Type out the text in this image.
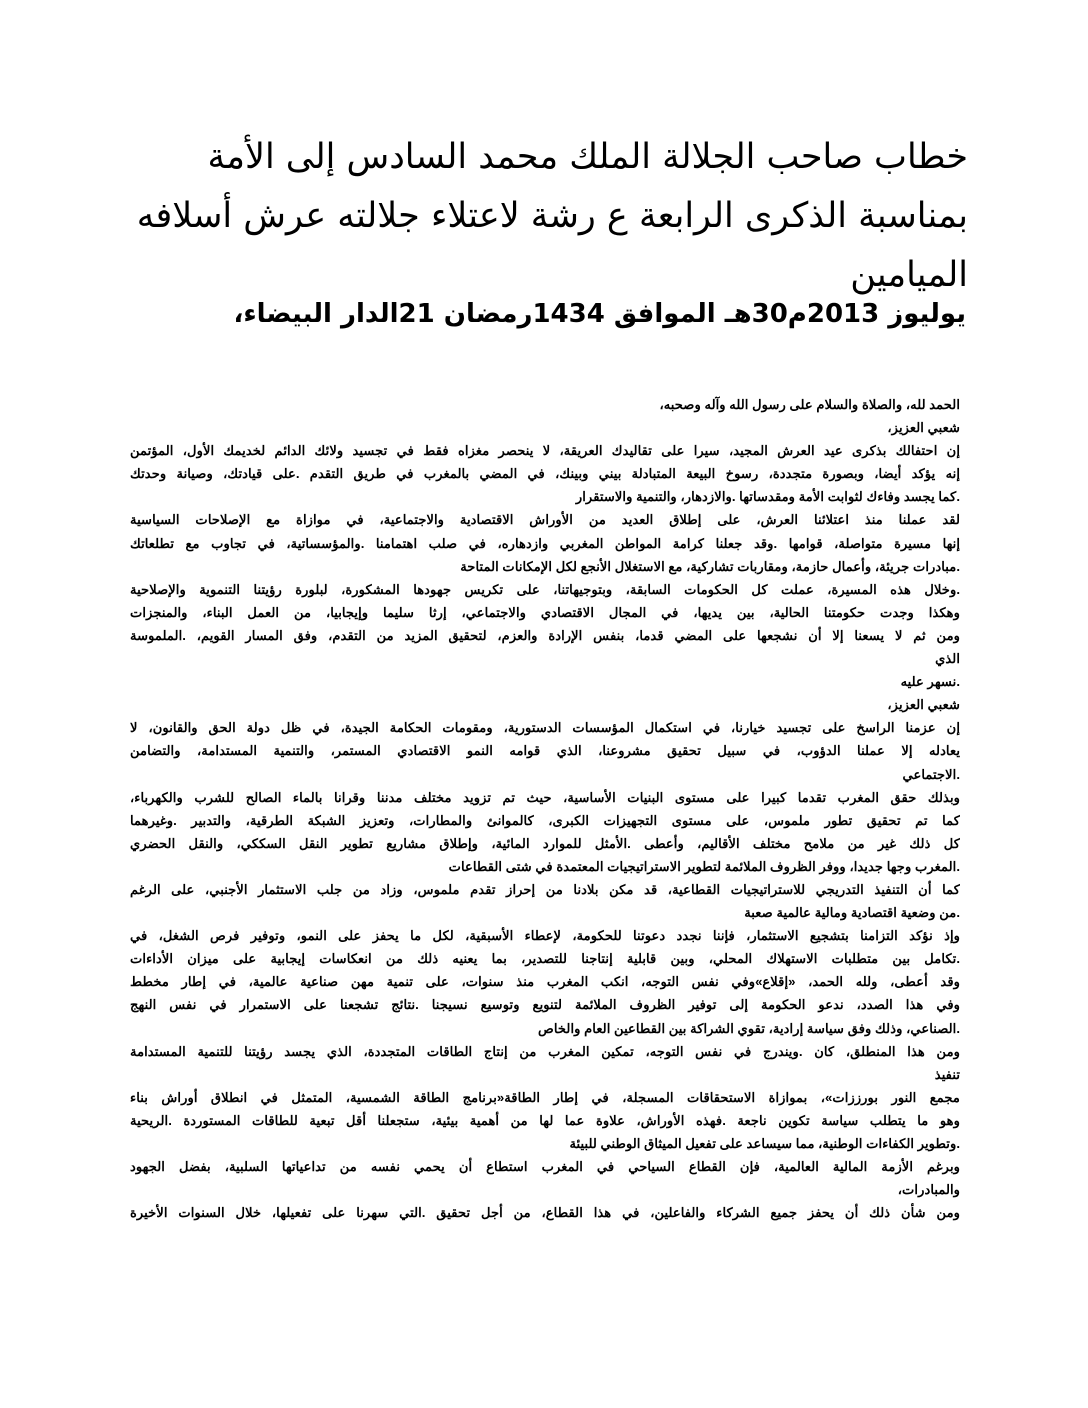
خطاب صاحب الجلالة الملك محمد السادس إلى الأمة
بمناسبة الذكرى الرابعة ع رشة لاعتلاء جلالته عرش أسلافه
الميامين
يوليوز 2013م30هـ الموافق 1434رمضان 21الدار البيضاء،
الحمد لله، والصلاة والسلام على رسول الله وآله وصحبه،
شعبي العزيز،
إن احتفالك بذكرى عيد العرش المجيد، سيرا على تقاليدك العريقة، لا ينحصر مغزاه فقط في تجسيد ولائك الدائم لخديمك الأول، المؤتمن
إنه يؤكد أيضا، وبصورة متجددة، رسوخ البيعة المتبادلة بيني وبينك، في المضي بالمغرب في طريق التقدم .على قيادتك، وصيانة وحدتك
.كما يجسد وفاءك لثوابت الأمة ومقدساتها .والازدهار، والتنمية والاستقرار
لقد عملنا منذ اعتلائنا العرش، على إطلاق العديد من الأوراش الاقتصادية والاجتماعية، في موازاة مع الإصلاحات السياسية
إنها مسيرة متواصلة، قوامها .وقد جعلنا كرامة المواطن المغربي وازدهاره، في صلب اهتمامنا .والمؤسساتية، في تجاوب مع تطلعاتك
.مبادرات جريئة، وأعمال حازمة، ومقاربات تشاركية، مع الاستغلال الأنجع لكل الإمكانات المتاحة
.وخلال هذه المسيرة، عملت كل الحكومات السابقة، وبتوجيهاتنا، على تكريس جهودها المشكورة، لبلورة رؤيتنا التنموية والإصلاحية
وهكذا وجدت حكومتنا الحالية، بين يديها، في المجال الاقتصادي والاجتماعي، إرثا سليما وإيجابيا، من العمل البناء، والمنجزات
ومن ثم لا يسعنا إلا أن نشجعها على المضي قدما، بنفس الإرادة والعزم، لتحقيق المزيد من التقدم، وفق المسار القويم، .الملموسة
الذي
.نسهر عليه
شعبي العزيز،
إن عزمنا الراسخ على تجسيد خيارنا، في استكمال المؤسسات الدستورية، ومقومات الحكامة الجيدة، في ظل دولة الحق والقانون، لا
يعادله إلا عملنا الدؤوب، في سبيل تحقيق مشروعنا، الذي قوامه النمو الاقتصادي المستمر، والتنمية المستدامة، والتضامن
.الاجتماعي
وبذلك حقق المغرب تقدما كبيرا على مستوى البنيات الأساسية، حيث تم تزويد مختلف مدننا وقرانا بالماء الصالح للشرب والكهرباء،
كما تم تحقيق تطور ملموس، على مستوى التجهيزات الكبرى، كالموانئ والمطارات، وتعزيز الشبكة الطرقية، والتدبير .وغيرهما
كل ذلك غير من ملامح مختلف الأقاليم، وأعطى .الأمثل للموارد المائية، وإطلاق مشاريع تطوير النقل السككي، والنقل الحضري
.المغرب وجها جديدا، ووفر الظروف الملائمة لتطوير الاستراتيجيات المعتمدة في شتى القطاعات
كما أن التنفيذ التدريجي للاستراتيجيات القطاعية، قد مكن بلادنا من إحراز تقدم ملموس، وزاد من جلب الاستثمار الأجنبي، على الرغم
.من وضعية اقتصادية ومالية عالمية صعبة
وإذ نؤكد التزامنا بتشجيع الاستثمار، فإننا نجدد دعوتنا للحكومة، لإعطاء الأسبقية، لكل ما يحفز على النمو، وتوفير فرص الشغل، في
.تكامل بين متطلبات الاستهلاك المحلي، وبين قابلية إنتاجنا للتصدير، بما يعنيه ذلك من انعكاسات إيجابية على ميزان الأداءات
وقد أعطى، ولله الحمد، «إقلاع»وفي نفس التوجه، انكب المغرب منذ سنوات، على تنمية مهن صناعية عالمية، في إطار مخطط
وفي هذا الصدد، ندعو الحكومة إلى توفير الظروف الملائمة لتنويع وتوسيع نسيجنا .نتائج تشجعنا على الاستمرار في نفس النهج
.الصناعي، وذلك وفق سياسة إرادية، تقوي الشراكة بين القطاعين العام والخاص
ومن هذا المنطلق، كان .ويندرج في نفس التوجه، تمكين المغرب من إنتاج الطاقات المتجددة، الذي يجسد رؤيتنا للتنمية المستدامة
تنفيذ
مجمع النور بورززات»، بموازاة الاستحقاقات المسجلة، في إطار الطاقة«برنامج الطاقة الشمسية، المتمثل في انطلاق أوراش بناء
وهو ما يتطلب سياسة تكوين ناجعة .فهذه الأوراش، علاوة عما لها من أهمية بيئية، ستجعلنا أقل تبعية للطاقات المستوردة .الريحية
.وتطوير الكفاءات الوطنية، مما سيساعد على تفعيل الميثاق الوطني للبيئة
وبرغم الأزمة المالية العالمية، فإن القطاع السياحي في المغرب استطاع أن يحمي نفسه من تداعياتها السلبية، بفضل الجهود
والمبادرات،
ومن شأن ذلك أن يحفز جميع الشركاء والفاعلين، في هذا القطاع، من أجل تحقيق .التي سهرنا على تفعيلها، خلال السنوات الأخيرة
